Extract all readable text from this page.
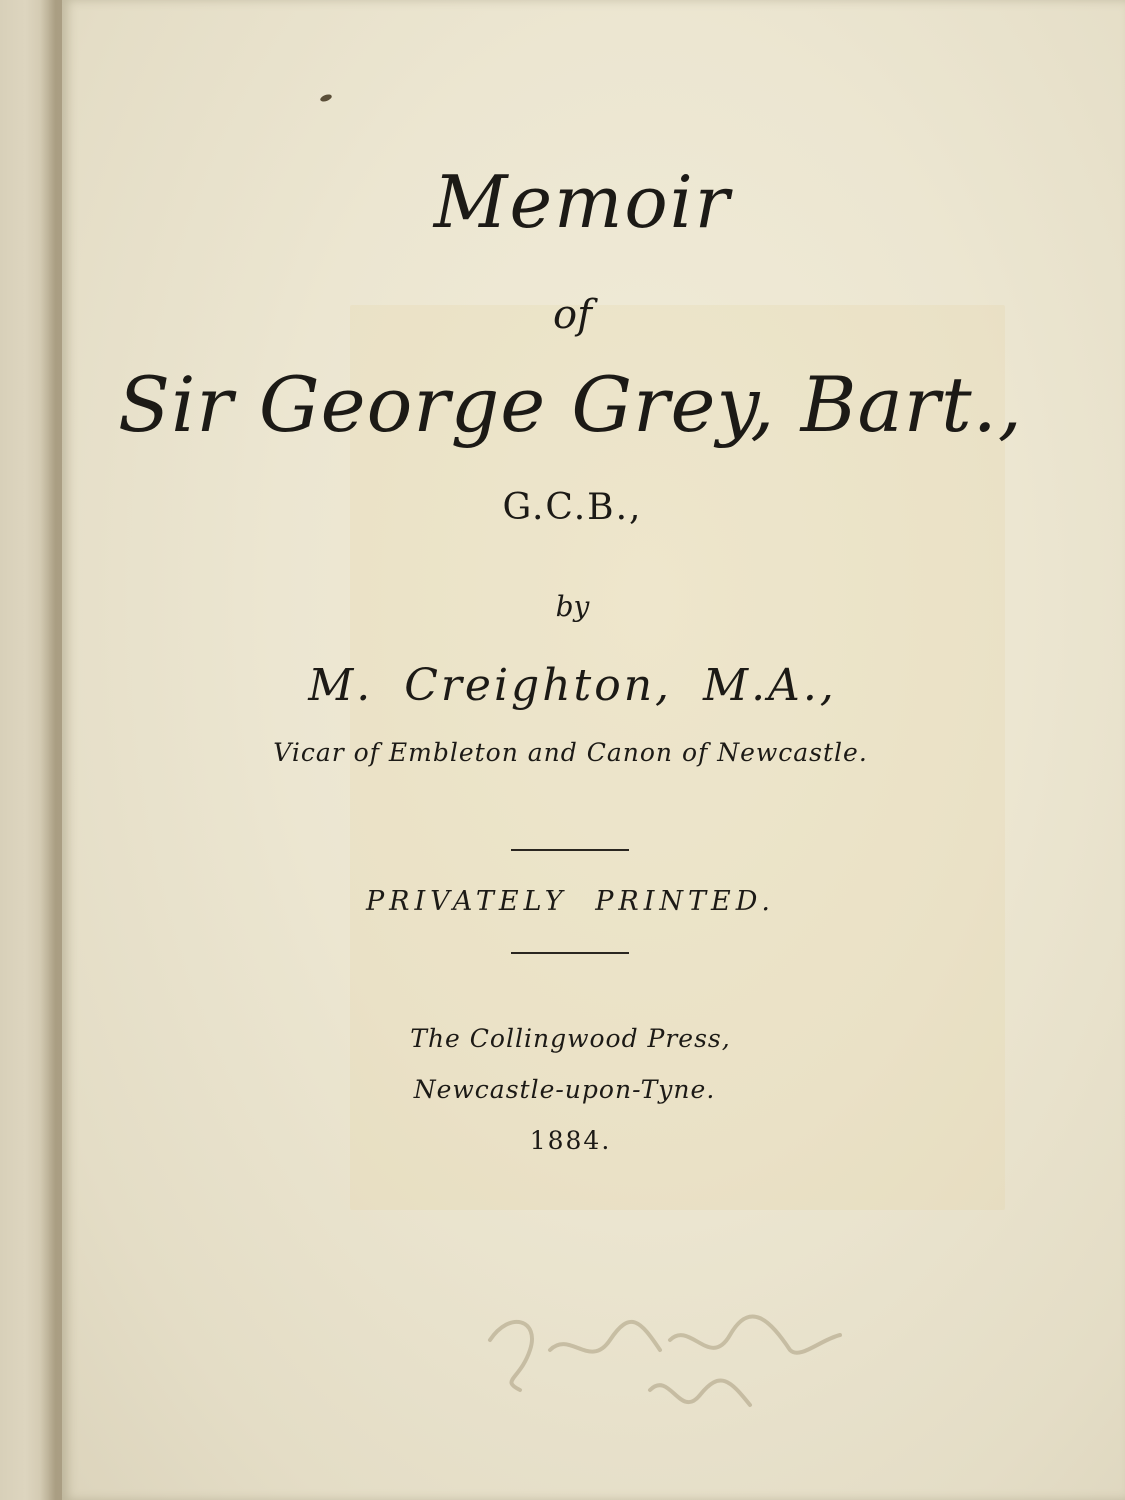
Memoir

of

Sir George Grey, Bart.,

G.C.B.,

by

M. Creighton, M.A.,

Vicar of Embleton and Canon of Newcastle.

PRIVATELY PRINTED.

The Collingwood Press,

Newcastle-upon-Tyne.

1884.
